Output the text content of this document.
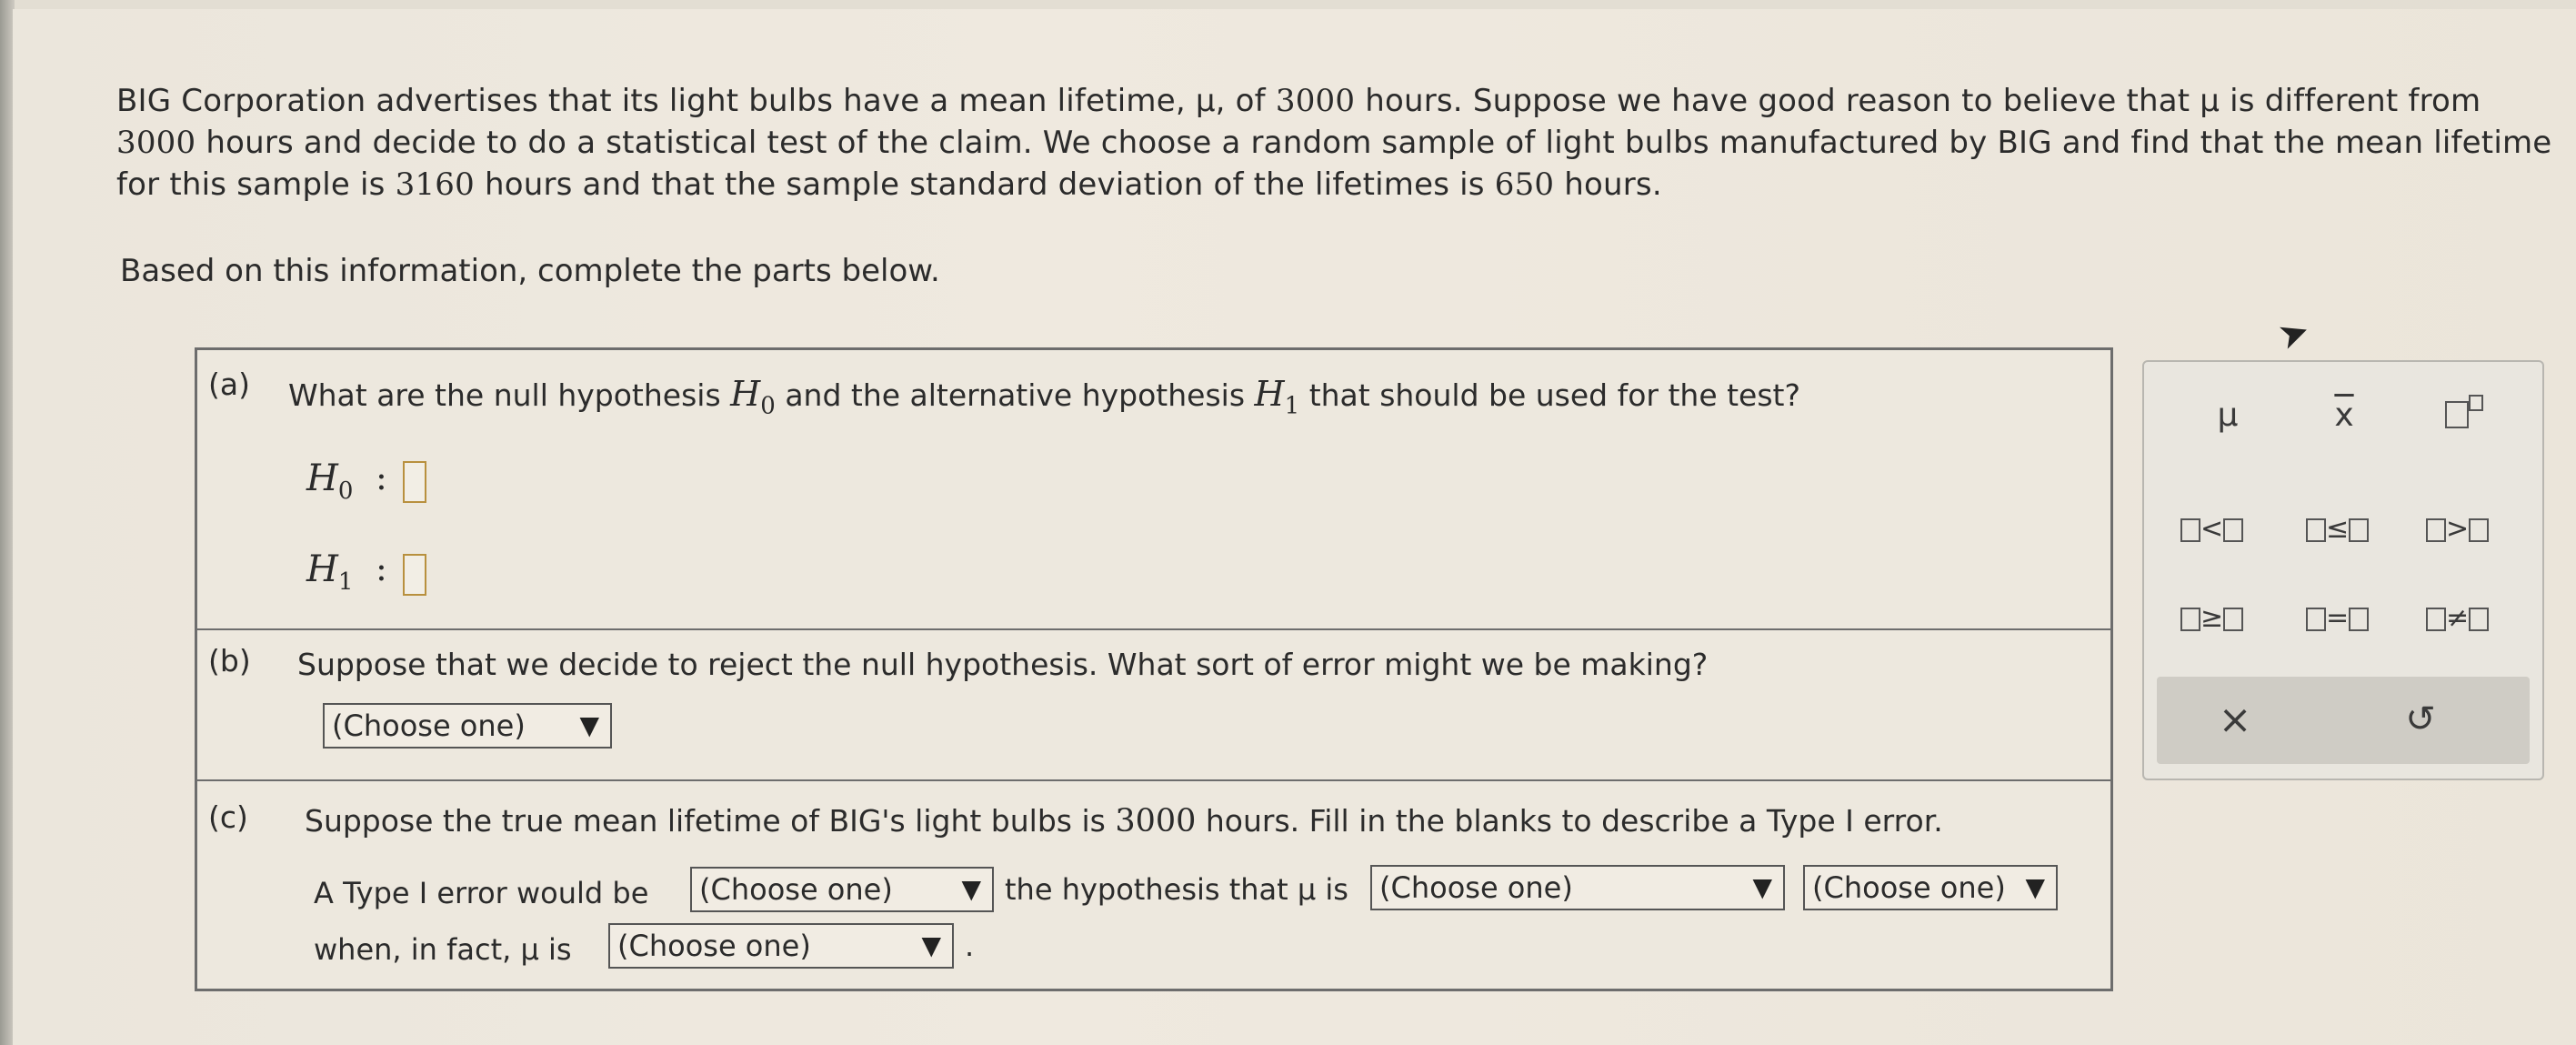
BIG Corporation advertises that its light bulbs have a mean lifetime, μ, of 3000 hours. Suppose we have good reason to believe that μ is different from 3000 hours and decide to do a statistical test of the claim. We choose a random sample of light bulbs manufactured by BIG and find that the mean lifetime for this sample is 3160 hours and that the sample standard deviation of the lifetimes is 650 hours.

Based on this information, complete the parts below.
(a) What are the null hypothesis $H_0$ and the alternative hypothesis $H_1$ that should be used for the test?
$H_0$ :
$H_1$ :
(b) Suppose that we decide to reject the null hypothesis. What sort of error might we be making?
(Choose one) ▼
(c) Suppose the true mean lifetime of BIG's light bulbs is 3000 hours. Fill in the blanks to describe a Type I error.
A Type I error would be	(Choose one)	▼ the hypothesis that μ is	(Choose one)	▼	(Choose one) ▼
when, in fact, μ is	(Choose one)	▼ .
μ	$\overline{x}$
<	≤	>
≥	=	≠
×	↺
➤
